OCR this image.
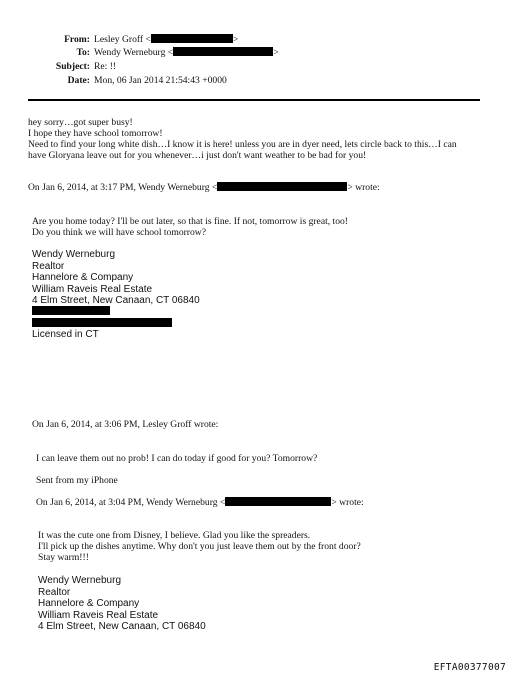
From: Lesley Groff <	>
To: Wendy Werneburg <	>
Subject: Re: !!
Date: Mon, 06 Jan 2014 21:54:43 +0000
hey sorry…got super busy!
I hope they have school tomorrow!
Need to find your long white dish…I know it is here! unless you are in dyer need, lets circle back to this…I can
have Gloryana leave out for you whenever…i just don't want weather to be bad for you!
On Jan 6, 2014, at 3:17 PM, Wendy Werneburg <	> wrote:
Are you home today? I'll be out later, so that is fine. If not, tomorrow is great, too!
Do you think we will have school tomorrow?
Wendy Werneburg
Realtor
Hannelore & Company
William Raveis Real Estate
4 Elm Street, New Canaan, CT 06840
Licensed in CT
On Jan 6, 2014, at 3:06 PM, Lesley Groff wrote:
I can leave them out no prob! I can do today if good for you? Tomorrow?
Sent from my iPhone
On Jan 6, 2014, at 3:04 PM, Wendy Werneburg <	> wrote:
It was the cute one from Disney, I believe. Glad you like the spreaders.
I'll pick up the dishes anytime. Why don't you just leave them out by the front door?
Stay warm!!!
Wendy Werneburg
Realtor
Hannelore & Company
William Raveis Real Estate
4 Elm Street, New Canaan, CT 06840
EFTA00377007
